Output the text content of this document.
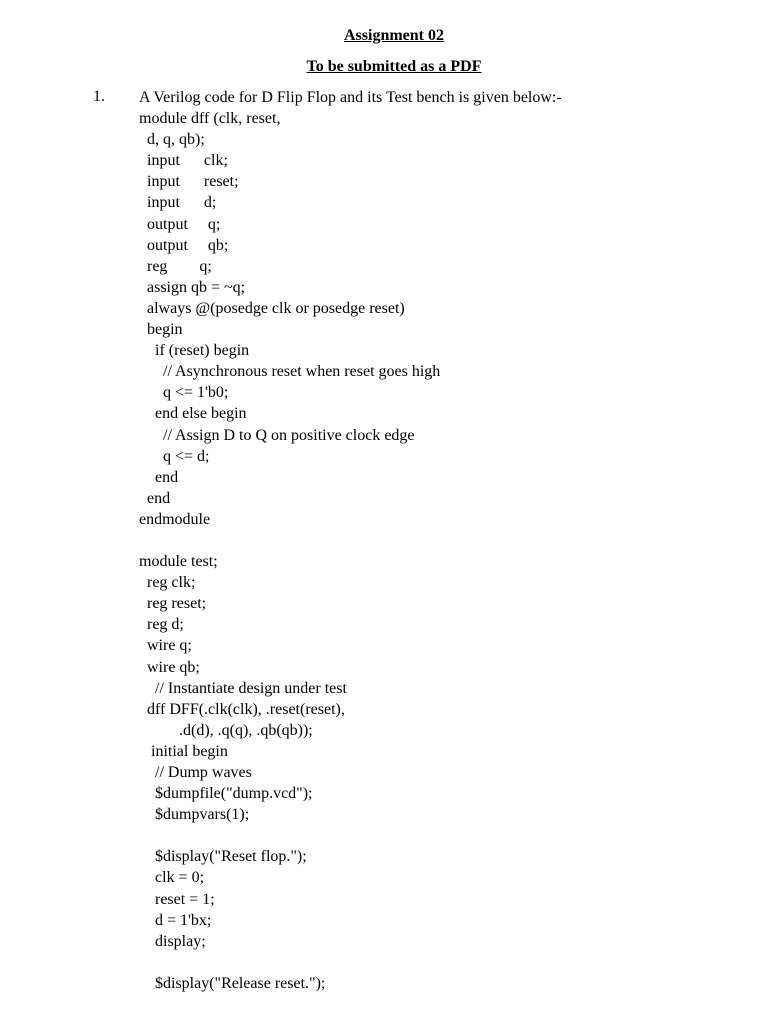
Assignment 02
To be submitted as a PDF
1. A Verilog code for D Flip Flop and its Test bench is given below:-
module dff (clk, reset,
d, q, qb);
input      clk;
input      reset;
input      d;
output     q;
output     qb;
reg        q;
assign qb = ~q;
always @(posedge clk or posedge reset)
begin
if (reset) begin
// Asynchronous reset when reset goes high
q <= 1'b0;
end else begin
// Assign D to Q on positive clock edge
q <= d;
end
end
endmodule
module test;
reg clk;
reg reset;
reg d;
wire q;
wire qb;
// Instantiate design under test
dff DFF(.clk(clk), .reset(reset),
.d(d), .q(q), .qb(qb));
initial begin
// Dump waves
$dumpfile("dump.vcd");
$dumpvars(1);
$display("Reset flop.");
clk = 0;
reset = 1;
d = 1'bx;
display;
$display("Release reset.");
